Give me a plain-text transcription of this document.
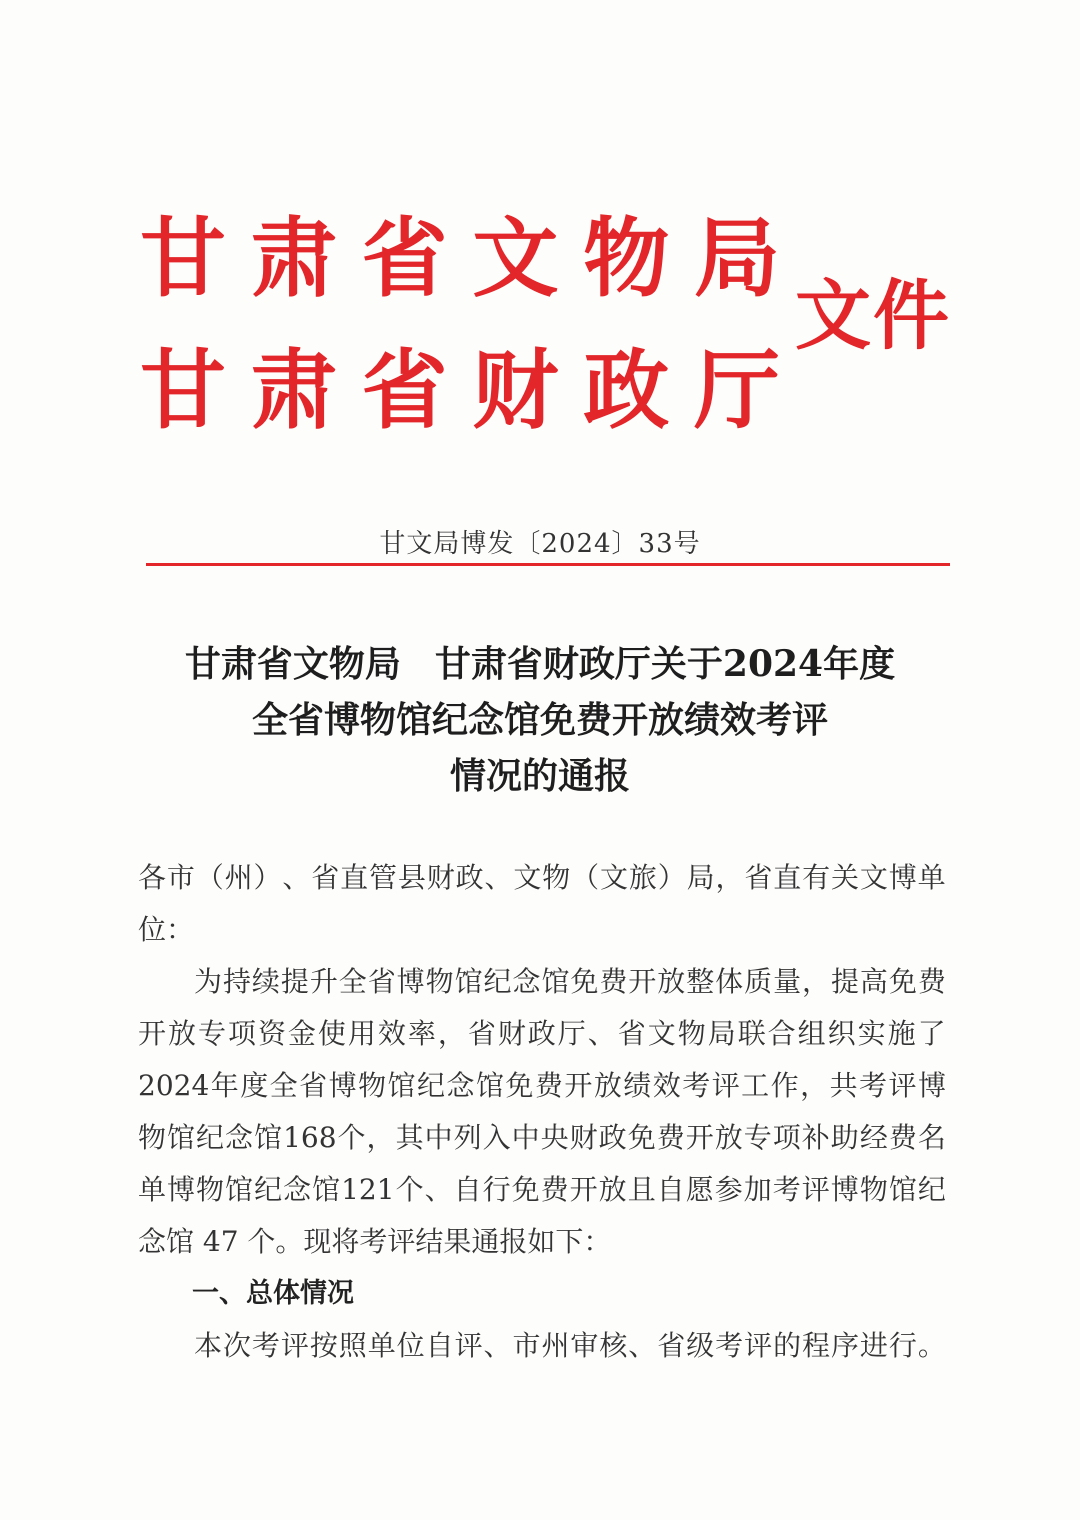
甘 肃 省 文 物 局
甘 肃 省 财 政 厅
文件
甘文局博发〔2024〕33号
甘肃省文物局 甘肃省财政厅关于2024年度
全省博物馆纪念馆免费开放绩效考评
情况的通报
各 市 （ 州 ） 、 省 直 管 县 财 政 、 文 物 （ 文 旅 ） 局 ， 省 直 有 关 文 博 单
位：
为 持 续 提 升 全 省 博 物 馆 纪 念 馆 免 费 开 放 整 体 质 量 ， 提 高 免 费
开 放 专 项 资 金 使 用 效 率 ， 省 财 政 厅 、 省 文 物 局 联 合 组 织 实 施 了
2024 年 度 全 省 博 物 馆 纪 念 馆 免 费 开 放 绩 效 考 评 工 作 ， 共 考 评 博
物 馆 纪 念 馆 168 个 ， 其 中 列 入 中 央 财 政 免 费 开 放 专 项 补 助 经 费 名
单 博 物 馆 纪 念 馆 121 个 、 自 行 免 费 开 放 且 自 愿 参 加 考 评 博 物 馆 纪
念馆 47 个。现将考评结果通报如下：
一、总体情况
本 次 考 评 按 照 单 位 自 评 、 市 州 审 核 、 省 级 考 评 的 程 序 进 行 。
